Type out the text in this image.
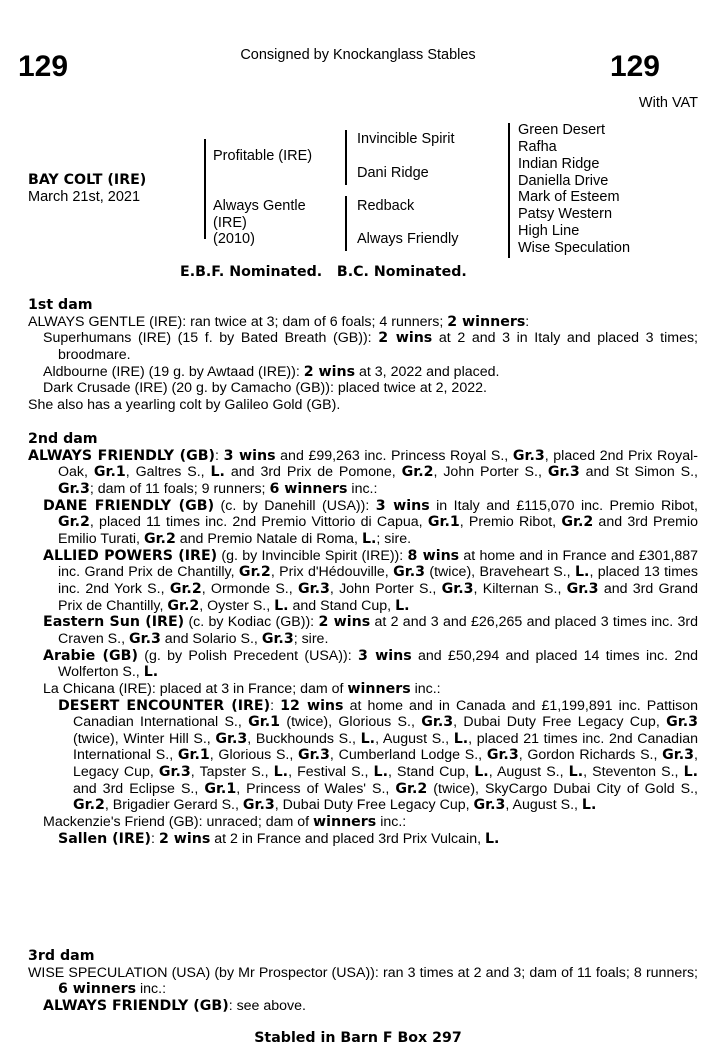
129	Consigned by Knockanglass Stables	129
With VAT
BAY COLT (IRE)
March 21st, 2021
Profitable (IRE)
Always Gentle
(IRE)
(2010)
Invincible Spirit
Dani Ridge
Redback
Always Friendly
Green Desert
Rafha
Indian Ridge
Daniella Drive
Mark of Esteem
Patsy Western
High Line
Wise Speculation
E.B.F. Nominated.   B.C. Nominated.
1st dam

ALWAYS GENTLE (IRE): ran twice at 3; dam of 6 foals; 4 runners; 2 winners:

Superhumans (IRE) (15 f. by Bated Breath (GB)): 2 wins at 2 and 3 in Italy and placed 3 times; broodmare.

Aldbourne (IRE) (19 g. by Awtaad (IRE)): 2 wins at 3, 2022 and placed.

Dark Crusade (IRE) (20 g. by Camacho (GB)): placed twice at 2, 2022.

She also has a yearling colt by Galileo Gold (GB).

2nd dam

ALWAYS FRIENDLY (GB): 3 wins and £99,263 inc. Princess Royal S., Gr.3, placed 2nd Prix Royal-Oak, Gr.1, Galtres S., L. and 3rd Prix de Pomone, Gr.2, John Porter S., Gr.3 and St Simon S., Gr.3; dam of 11 foals; 9 runners; 6 winners inc.:

DANE FRIENDLY (GB) (c. by Danehill (USA)): 3 wins in Italy and £115,070 inc. Premio Ribot, Gr.2, placed 11 times inc. 2nd Premio Vittorio di Capua, Gr.1, Premio Ribot, Gr.2 and 3rd Premio Emilio Turati, Gr.2 and Premio Natale di Roma, L.; sire.

ALLIED POWERS (IRE) (g. by Invincible Spirit (IRE)): 8 wins at home and in France and £301,887 inc. Grand Prix de Chantilly, Gr.2, Prix d'Hédouville, Gr.3 (twice), Braveheart S., L., placed 13 times inc. 2nd York S., Gr.2, Ormonde S., Gr.3, John Porter S., Gr.3, Kilternan S., Gr.3 and 3rd Grand Prix de Chantilly, Gr.2, Oyster S., L. and Stand Cup, L.

Eastern Sun (IRE) (c. by Kodiac (GB)): 2 wins at 2 and 3 and £26,265 and placed 3 times inc. 3rd Craven S., Gr.3 and Solario S., Gr.3; sire.

Arabie (GB) (g. by Polish Precedent (USA)): 3 wins and £50,294 and placed 14 times inc. 2nd Wolferton S., L.

La Chicana (IRE): placed at 3 in France; dam of winners inc.:

DESERT ENCOUNTER (IRE): 12 wins at home and in Canada and £1,199,891 inc. Pattison Canadian International S., Gr.1 (twice), Glorious S., Gr.3, Dubai Duty Free Legacy Cup, Gr.3 (twice), Winter Hill S., Gr.3, Buckhounds S., L., August S., L., placed 21 times inc. 2nd Canadian International S., Gr.1, Glorious S., Gr.3, Cumberland Lodge S., Gr.3, Gordon Richards S., Gr.3, Legacy Cup, Gr.3, Tapster S., L., Festival S., L., Stand Cup, L., August S., L., Steventon S., L. and 3rd Eclipse S., Gr.1, Princess of Wales' S., Gr.2 (twice), SkyCargo Dubai City of Gold S., Gr.2, Brigadier Gerard S., Gr.3, Dubai Duty Free Legacy Cup, Gr.3, August S., L.

Mackenzie's Friend (GB): unraced; dam of winners inc.:

Sallen (IRE): 2 wins at 2 in France and placed 3rd Prix Vulcain, L.

3rd dam

WISE SPECULATION (USA) (by Mr Prospector (USA)): ran 3 times at 2 and 3; dam of 11 foals; 8 runners; 6 winners inc.:

ALWAYS FRIENDLY (GB): see above.

Stabled in Barn F Box 297
